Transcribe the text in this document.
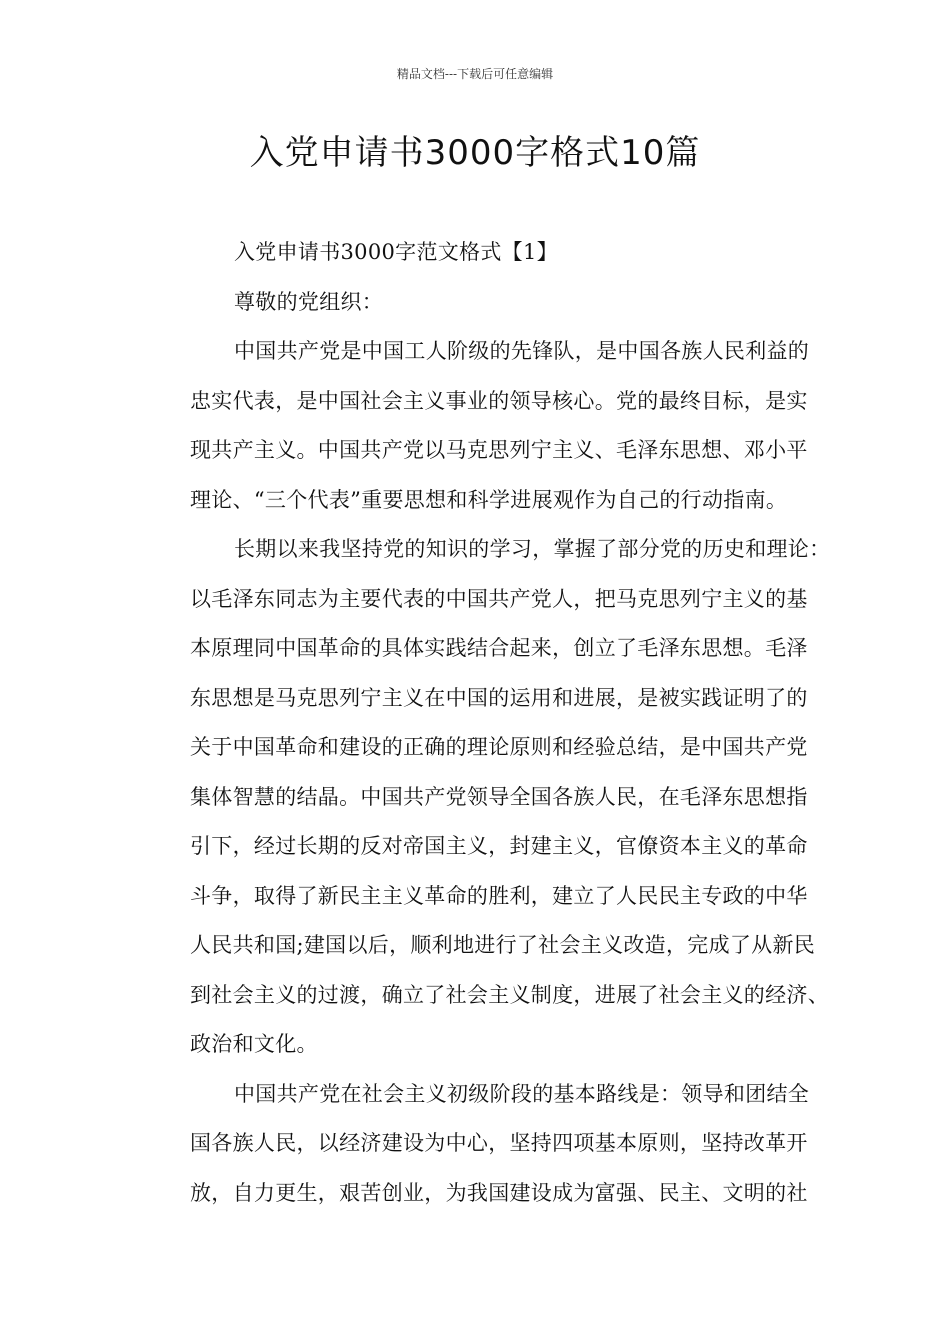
精品文档---下载后可任意编辑
入党申请书3000字格式10篇

入党申请书3000字范文格式【1】

尊敬的党组织：

中国共产党是中国工人阶级的先锋队，是中国各族人民利益的
忠实代表，是中国社会主义事业的领导核心。党的最终目标，是实
现共产主义。中国共产党以马克思列宁主义、毛泽东思想、邓小平
理论、“三个代表”重要思想和科学进展观作为自己的行动指南。

长期以来我坚持党的知识的学习，掌握了部分党的历史和理论：
以毛泽东同志为主要代表的中国共产党人，把马克思列宁主义的基
本原理同中国革命的具体实践结合起来，创立了毛泽东思想。毛泽
东思想是马克思列宁主义在中国的运用和进展，是被实践证明了的
关于中国革命和建设的正确的理论原则和经验总结，是中国共产党
集体智慧的结晶。中国共产党领导全国各族人民，在毛泽东思想指
引下，经过长期的反对帝国主义，封建主义，官僚资本主义的革命
斗争，取得了新民主主义革命的胜利，建立了人民民主专政的中华
人民共和国;建国以后，顺利地进行了社会主义改造，完成了从新民
到社会主义的过渡，确立了社会主义制度，进展了社会主义的经济、
政治和文化。

中国共产党在社会主义初级阶段的基本路线是：领导和团结全
国各族人民，以经济建设为中心，坚持四项基本原则，坚持改革开
放，自力更生，艰苦创业，为我国建设成为富强、民主、文明的社
